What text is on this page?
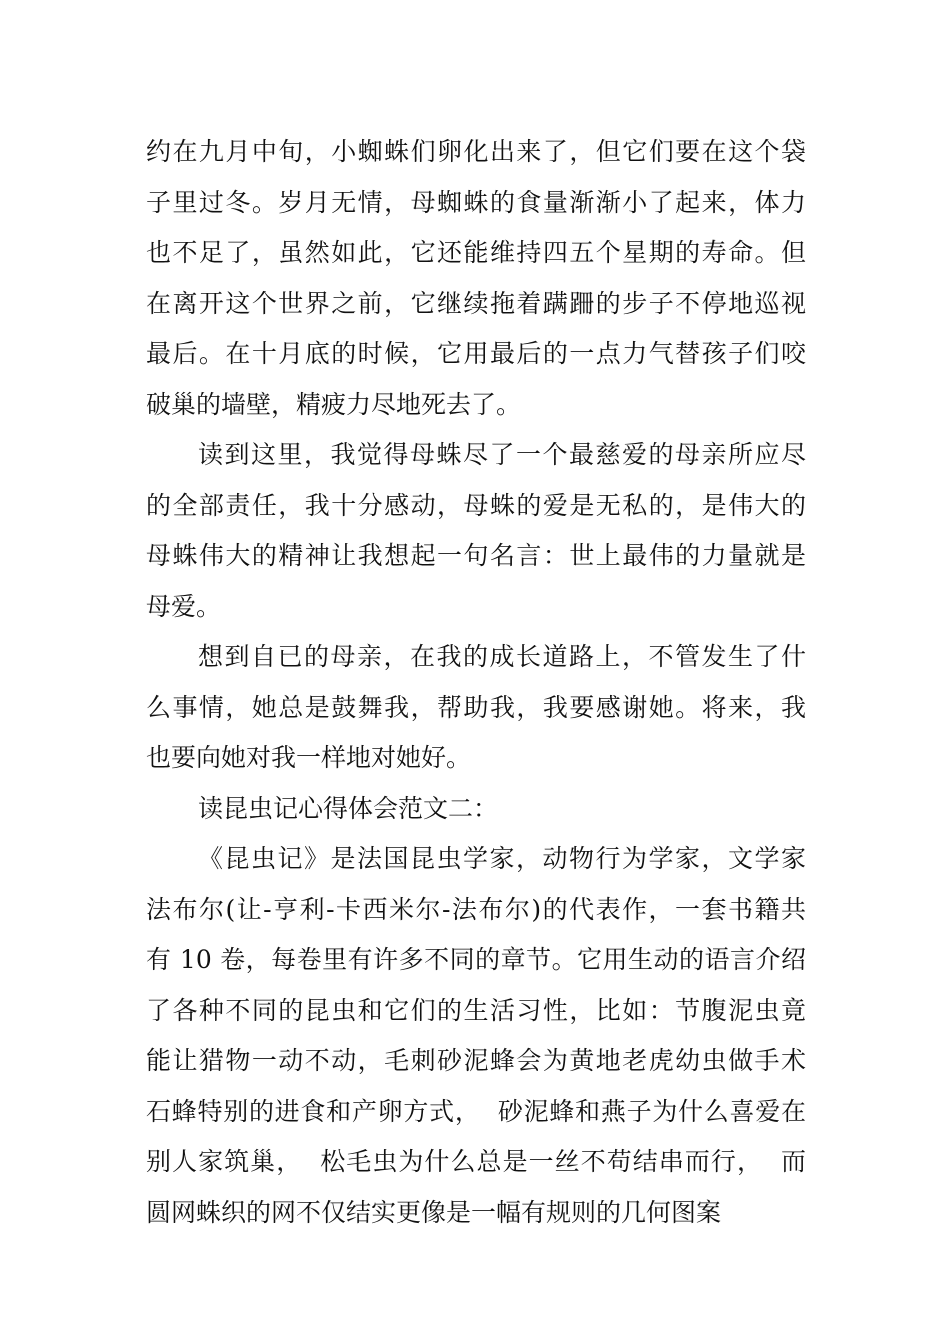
约在九月中旬，小蜘蛛们卵化出来了，但它们要在这个袋
子里过冬。岁月无情，母蜘蛛的食量渐渐小了起来，体力
也不足了，虽然如此，它还能维持四五个星期的寿命。但
在离开这个世界之前，它继续拖着蹒跚的步子不停地巡视
最后。在十月底的时候，它用最后的一点力气替孩子们咬
破巢的墙壁，精疲力尽地死去了。
读到这里，我觉得母蛛尽了一个最慈爱的母亲所应尽
的全部责任，我十分感动，母蛛的爱是无私的，是伟大的
母蛛伟大的精神让我想起一句名言：世上最伟的力量就是
母爱。
想到自已的母亲，在我的成长道路上，不管发生了什
么事情，她总是鼓舞我，帮助我，我要感谢她。将来，我
也要向她对我一样地对她好。
读昆虫记心得体会范文二：
《昆虫记》是法国昆虫学家，动物行为学家，文学家
法布尔(让-亨利-卡西米尔-法布尔)的代表作，一套书籍共
有 10 卷，每卷里有许多不同的章节。它用生动的语言介绍
了各种不同的昆虫和它们的生活习性，比如：节腹泥虫竟
能让猎物一动不动，毛刺砂泥蜂会为黄地老虎幼虫做手术
石蜂特别的进食和产卵方式，  砂泥蜂和燕子为什么喜爱在
别人家筑巢，  松毛虫为什么总是一丝不苟结串而行，  而
圆网蛛织的网不仅结实更像是一幅有规则的几何图案
